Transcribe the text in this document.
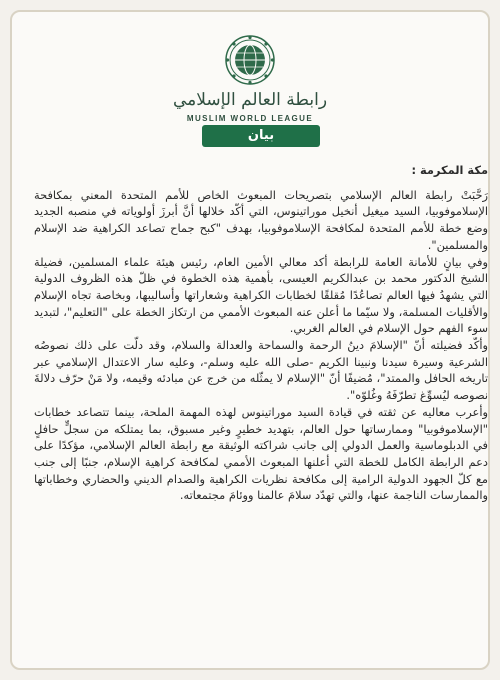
رابطة العالم الإسلامي
MUSLIM WORLD LEAGUE
بيان
مكة المكرمة :

رَحَّبَتْ رابطة العالم الإسلامي بتصريحات المبعوث الخاص للأمم المتحدة المعني بمكافحة الإسلاموفوبيا، السيد ميغيل أنخيل موراتينوس، التي أكّد خلالها أنَّ أبرزَ أولوياته في منصبه الجديد وضع خطة للأمم المتحدة لمكافحة الإسلاموفوبيا، بهدف "كبح جماح تصاعد الكراهية ضد الإسلام والمسلمين".

وفي بيانٍ للأمانة العامة للرابطة أكد معالي الأمين العام، رئيس هيئة علماء المسلمين، فضيلة الشيخ الدكتور محمد بن عبدالكريم العيسى، بأهمية هذه الخطوة في ظلّ هذه الظروف الدولية التي يشهدُ فيها العالم تصاعُدًا مُقلقًا لخطابات الكراهية وشعاراتها وأساليبها، وبخاصة تجاه الإسلام والأقليات المسلمة، ولا سيّما ما أعلن عنه المبعوث الأممي من ارتكاز الخطة على "التعليم"، لتبديد سوء الفهم حول الإسلام في العالم الغربي.

وأكّد فضيلته أنّ "الإسلامَ دينُ الرحمة والسماحة والعدالة والسلام، وقد دلّت على ذلك نصوصُه الشرعية وسيرة سيدنا ونبينا الكريم -صلى الله عليه وسلم-، وعليه سار الاعتدال الإسلامي عبر تاريخه الحافل والممتد"، مُضيفًا أنّ "الإسلام لا يمثّله من خرج عن مبادئه وقيمه، ولا مَنْ حرّف دلالةَ نصوصه ليُسوِّغ تطرّفَهُ وغُلوّه".

وأعرب معاليه عن ثقته في قيادة السيد موراتينوس لهذه المهمة الملحة، بينما تتصاعد خطابات "الإسلاموفوبيا" وممارساتها حول العالم، بتهديد خطيرٍ وغير مسبوق، بما يمتلكه من سجلٍّ حافلٍ في الدبلوماسية والعمل الدولي إلى جانب شراكته الوثيقة مع رابطة العالم الإسلامي، مؤكدًا على دعم الرابطة الكامل للخطة التي أعلنها المبعوث الأممي لمكافحة كراهية الإسلام، جنبًا إلى جنب مع كلّ الجهود الدولية الرامية إلى مكافحة نظريات الكراهية والصدام الديني والحضاري وخطاباتها والممارسات الناجمة عنها، والتي تهدّد سلامَ عالمنا ووئامَ مجتمعاته.
